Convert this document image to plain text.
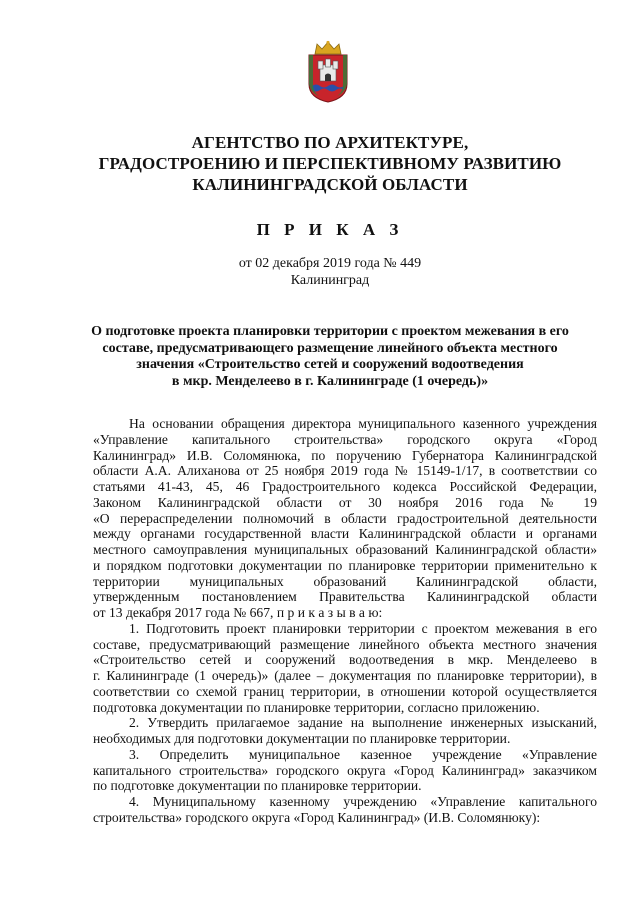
АГЕНТСТВО ПО АРХИТЕКТУРЕ,
ГРАДОСТРОЕНИЮ И ПЕРСПЕКТИВНОМУ РАЗВИТИЮ
КАЛИНИНГРАДСКОЙ ОБЛАСТИ
П Р И К А З
от 02 декабря 2019 года № 449
Калининград
О подготовке проекта планировки территории с проектом межевания в его
составе, предусматривающего размещение линейного объекта местного
значения «Строительство сетей и сооружений водоотведения
в мкр. Менделеево в г. Калининграде (1 очередь)»
На основании обращения директора муниципального казенного учреждения
«Управление капитального строительства» городского округа «Город
Калининград» И.В. Соломянюка, по поручению Губернатора Калининградской
области А.А. Алиханова от 25 ноября 2019 года № 15149-1/17, в соответствии со
статьями 41-43, 45, 46 Градостроительного кодекса Российской Федерации,
Законом Калининградской области от 30 ноября 2016 года № 19
«О перераспределении полномочий в области градостроительной деятельности
между органами государственной власти Калининградской области и органами
местного самоуправления муниципальных образований Калининградской области»
и порядком подготовки документации по планировке территории применительно к
территории муниципальных образований Калининградской области,
утвержденным постановлением Правительства Калининградской области
от 13 декабря 2017 года № 667, п р и к а з ы в а ю:
1. Подготовить проект планировки территории с проектом межевания в его
составе, предусматривающий размещение линейного объекта местного значения
«Строительство сетей и сооружений водоотведения в мкр. Менделеево в
г. Калининграде (1 очередь)» (далее – документация по планировке территории), в
соответствии со схемой границ территории, в отношении которой осуществляется
подготовка документации по планировке территории, согласно приложению.
2. Утвердить прилагаемое задание на выполнение инженерных изысканий,
необходимых для подготовки документации по планировке территории.
3. Определить муниципальное казенное учреждение «Управление
капитального строительства» городского округа «Город Калининград» заказчиком
по подготовке документации по планировке территории.
4. Муниципальному казенному учреждению «Управление капитального
строительства» городского округа «Город Калининград» (И.В. Соломянюку):
